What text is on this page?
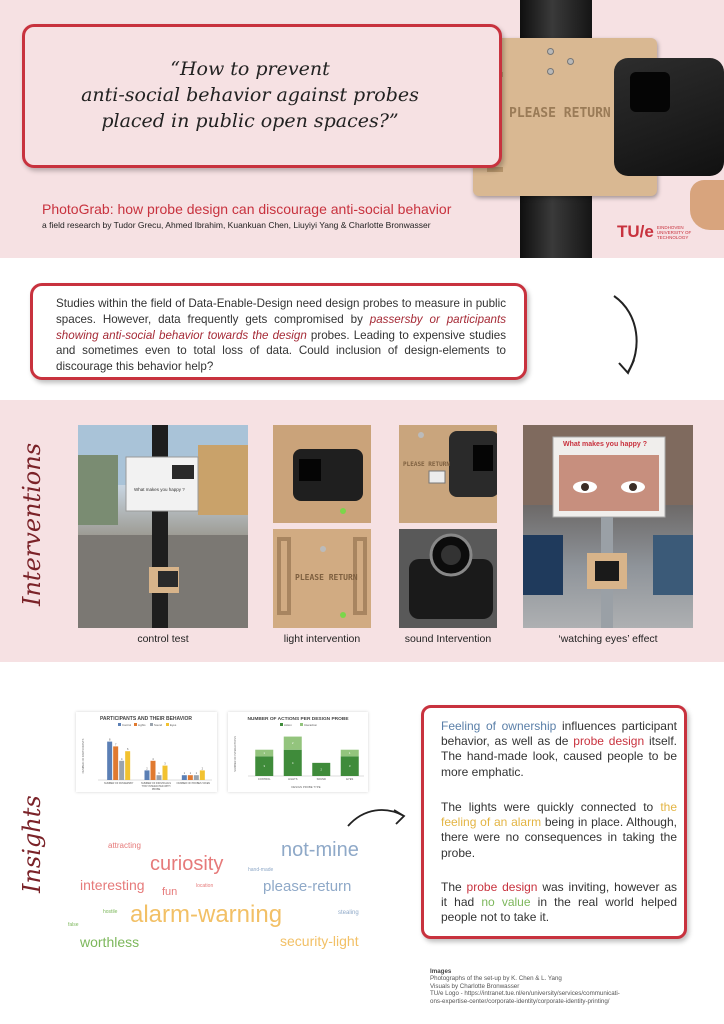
PLEASE RETURN
“How to prevent
anti-social behavior against probes
placed in public open spaces?”
PhotoGrab: how probe design can discourage anti-social behavior
a field research by Tudor Grecu, Ahmed Ibrahim, Kuankuan Chen, Liuyiyi Yang & Charlotte Bronwasser	TU/e EINDHOVEN UNIVERSITY OF TECHNOLOGY
Studies within the field of Data-Enable-Design need design probes to measure in public spaces. However, data frequently gets compromised by passersby or participants showing anti-social behavior towards the design probes. Leading to expensive studies and sometimes even to total loss of data. Could inclusion of design-elements to discourage this behavior help?
Interventions	What makes you happy ?
PLEASE RETURN
PLEASE RETURN
What makes you happy ?
control test	light intervention	sound Intervention	‘watching eyes’ effect
Insights
PARTICIPANTS AND THEIR BEHAVIOR
Control Lights	Sound	Eyes
NUMBER OF PARTICIPANTS	8
7
4
6
2
4
1
3
1 1 1
2
NUMBER OF PASSERSBY	NUMBER OF INDIVIDUALS
THAT INTERACTED WITH
PROBE
NUMBER OF PROBES TAKEN
NUMBER OF ACTIONS PER DESIGN PROBE
Action	Interaction
NUMBER OF INTERACTIONS
DESIGN PROBE TYPE
3
1
4
2
2
3
1
CONTROL	LIGHTS	SOUND	EYES
attracting
curiosity
not-mine
hand-made
interesting fun	location	please-return
hostile alarm-warning	stealing
false
worthless	security-light
Feeling of ownership influences participant behavior, as well as de probe design itself. The hand-made look, caused people to be more emphatic.
The lights were quickly connected to the feeling of an alarm being in place. Although, there were no consequences in taking the probe.
The probe design was inviting, however as it had no value in the real world helped people not to take it.
Images
Photographs of the set-up by K. Chen & L. Yang
Visuals by Charlotte Bronwasser
TU/e Logo - https://intranet.tue.nl/en/university/services/communicati-
ons-expertise-center/corporate-identity/corporate-identity-printing/
